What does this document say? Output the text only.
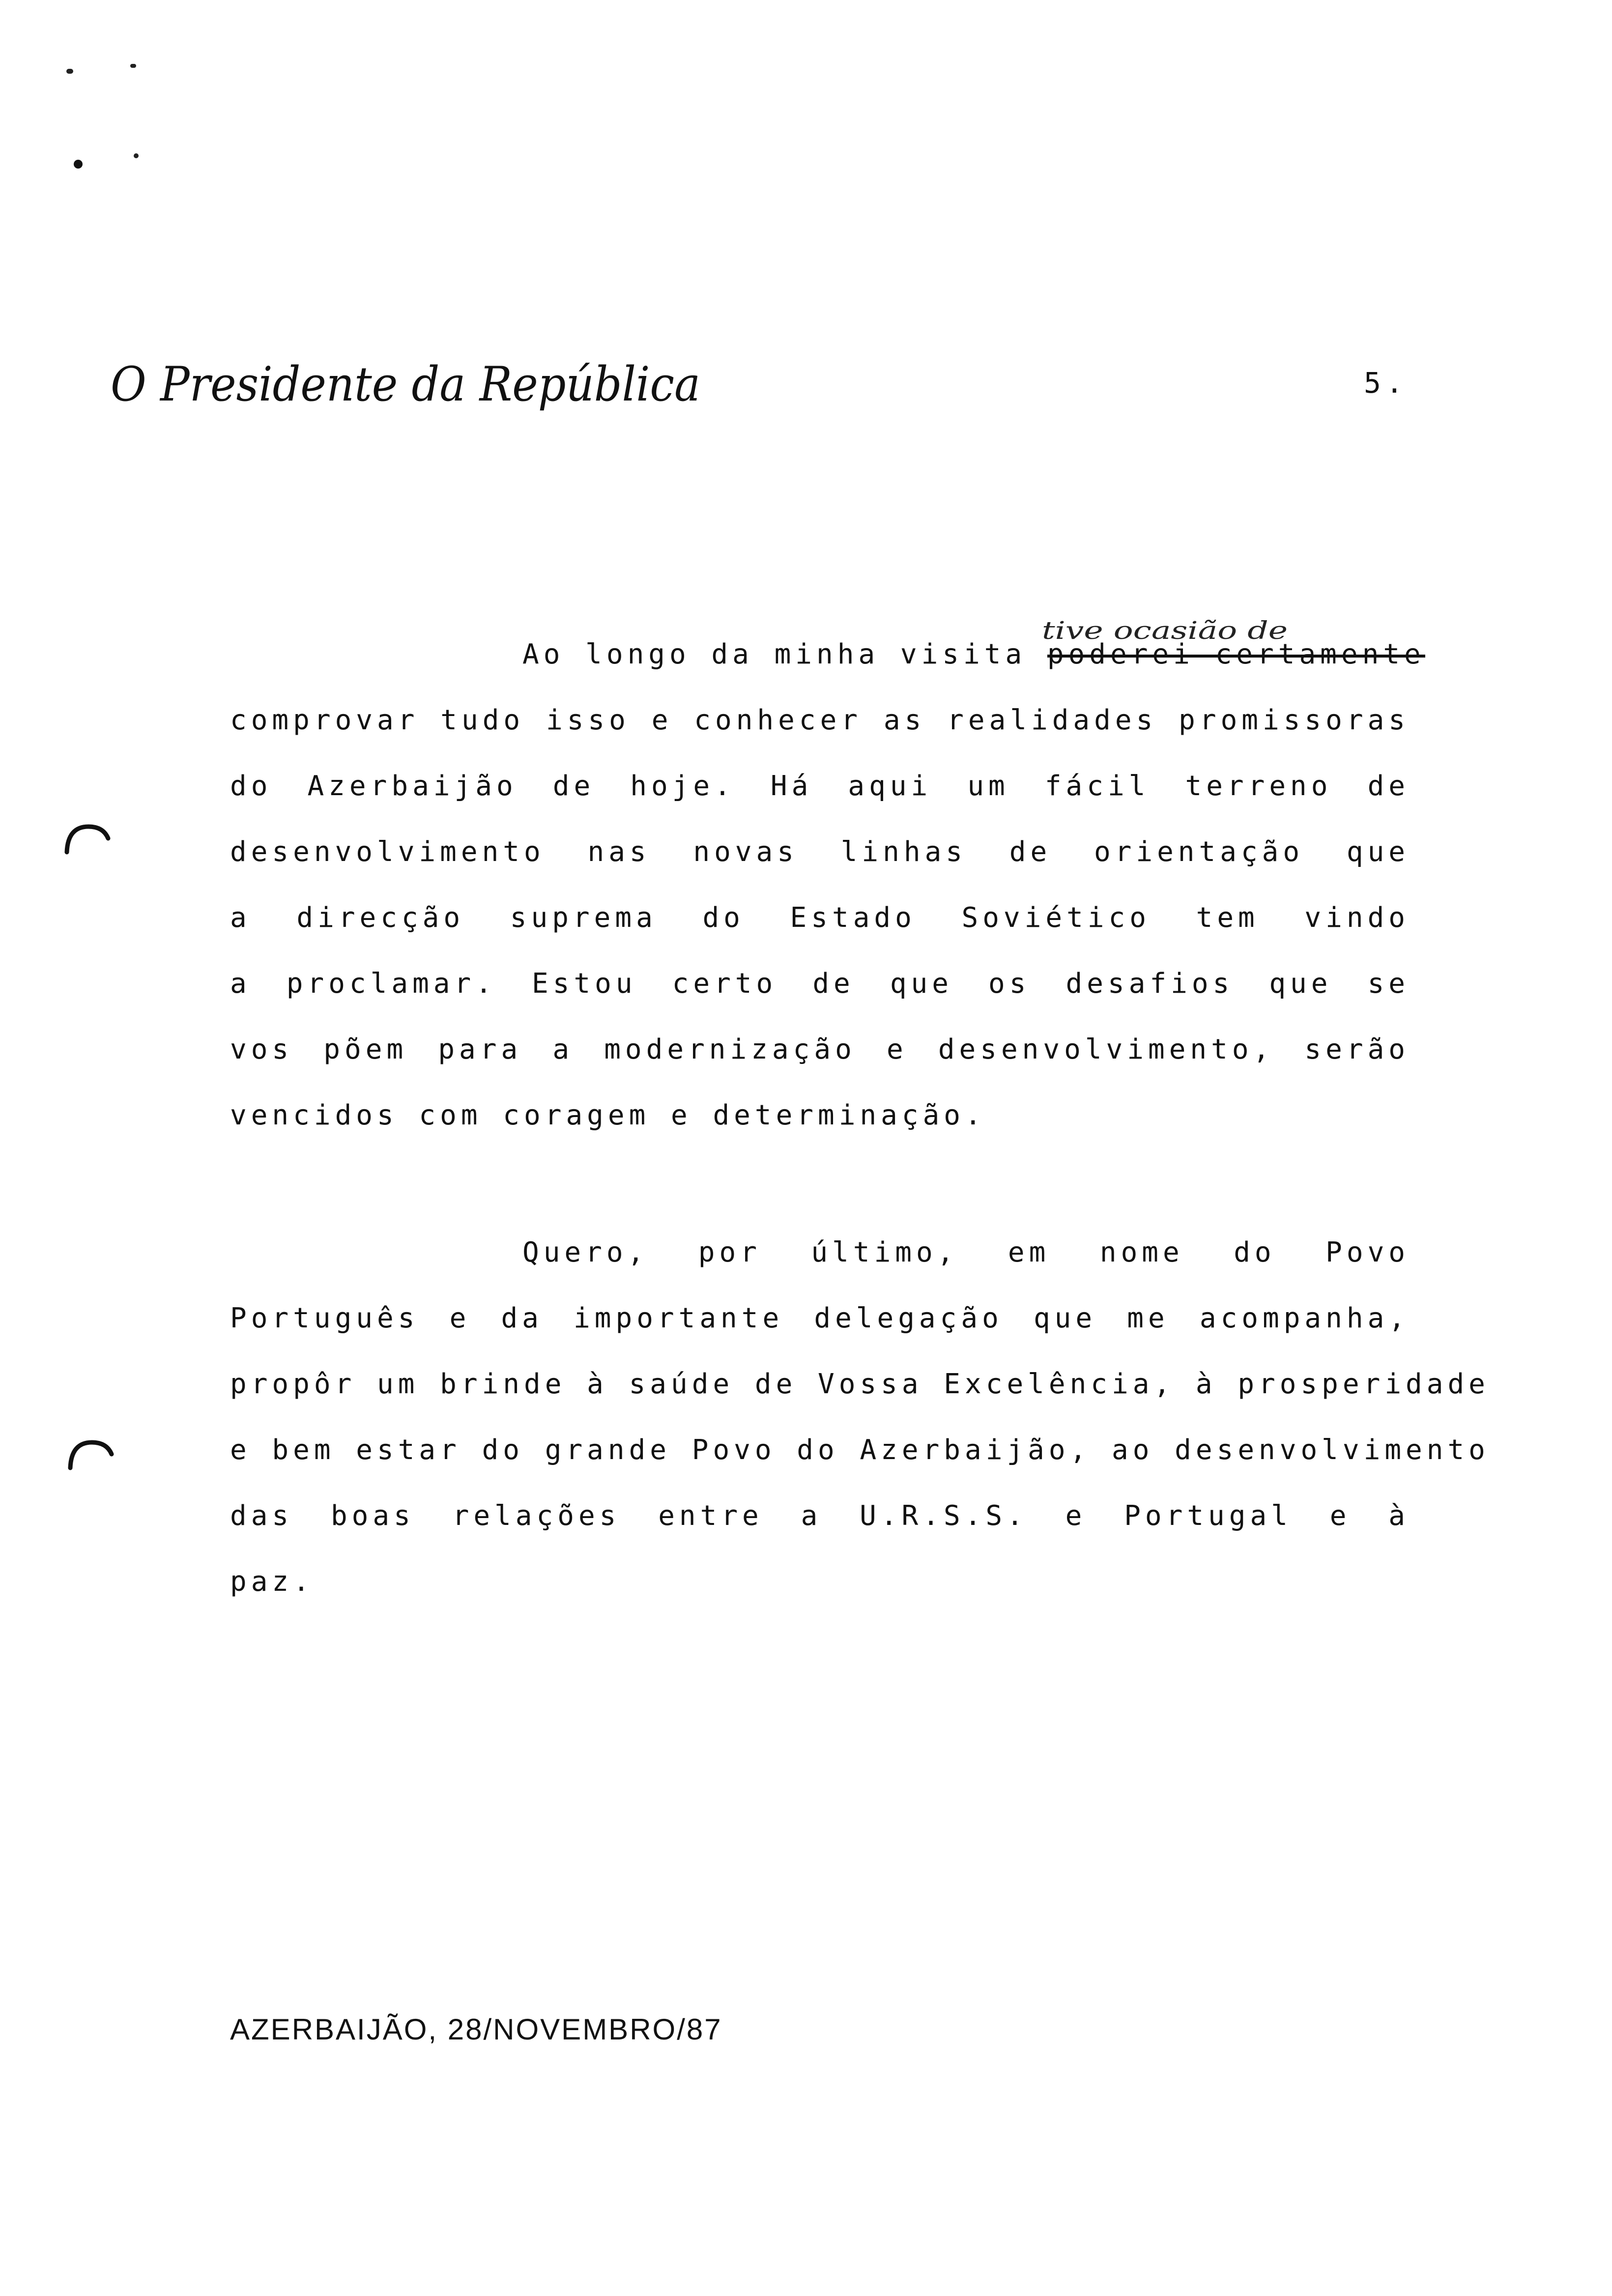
O Presidente da República	5.
tive ocasião de
Ao longo da minha visita poderei certamente
comprovar tudo isso e conhecer as realidades promissoras
do Azerbaijão de hoje. Há aqui um fácil terreno de
desenvolvimento nas novas linhas de orientação que
a direcção suprema do Estado Soviético tem vindo
a proclamar. Estou certo de que os desafios que se
vos põem para a modernização e desenvolvimento, serão
vencidos com coragem e determinação.
Quero, por último, em nome do Povo
Português e da importante delegação que me acompanha,
propôr um brinde à saúde de Vossa Excelência, à prosperidade
e bem estar do grande Povo do Azerbaijão, ao desenvolvimento
das boas relações entre a U.R.S.S. e Portugal e à
paz.
AZERBAIJÃO, 28/NOVEMBRO/87
